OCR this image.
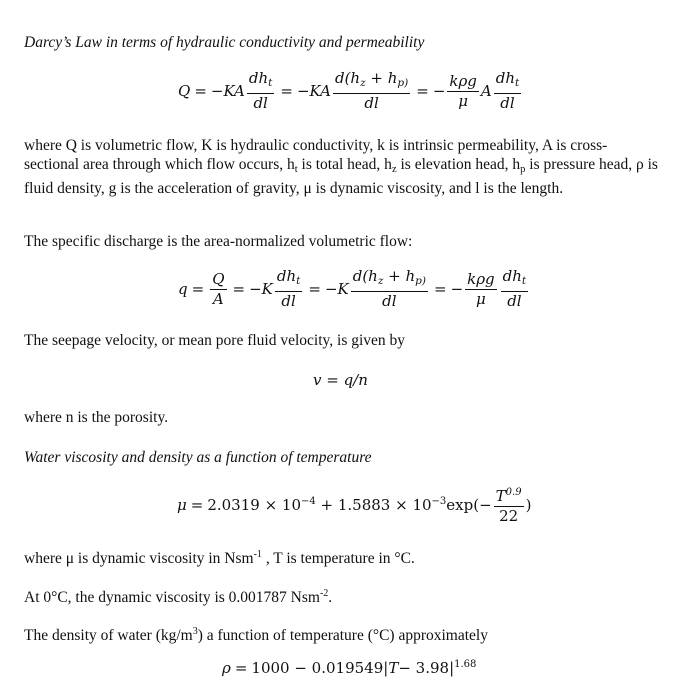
Darcy’s Law in terms of hydraulic conductivity and permeability
$Q = -KA \frac{dh_t}{dl} = -KA \frac{d(h_z + h_{p)}}{dl}$ = − $\frac{\text{kρg}}{\mu}$ A $\frac{dh_t}{dl}$
where Q is volumetric flow, K is hydraulic conductivity, k is intrinsic permeability, A is cross-sectional area through which flow occurs, $h_t$ is total head, $h_z$ is elevation head, $h_p$ is pressure head, ρ is fluid density, g is the acceleration of gravity, μ is dynamic viscosity, and l is the length.
The specific discharge is the area-normalized volumetric flow:
$q = \frac{Q}{A} = -K \frac{dh_t}{dl} = -K \frac{d(h_z + h_{p)}}{dl}$ = − $\frac{\text{kρg}}{\mu} \frac{dh_t}{dl}$
The seepage velocity, or mean pore fluid velocity, is given by
v = q/n
where n is the porosity.
Water viscosity and density as a function of temperature
$\mu = 2.0319 \times 10^{-4} + 1.5883 \times 10^{-3}\exp(- \frac{T^{0.9}}{22}$ )
where μ is dynamic viscosity in Nsm$^{-1}$ , T is temperature in °C.
At 0°C, the dynamic viscosity is 0.001787 Nsm$^{-2}$.
The density of water $(kg/m^3)$ a function of temperature (°C) approximately
ρ = 1000 − 0.019549| $T - 3.98|^{1.68}$
